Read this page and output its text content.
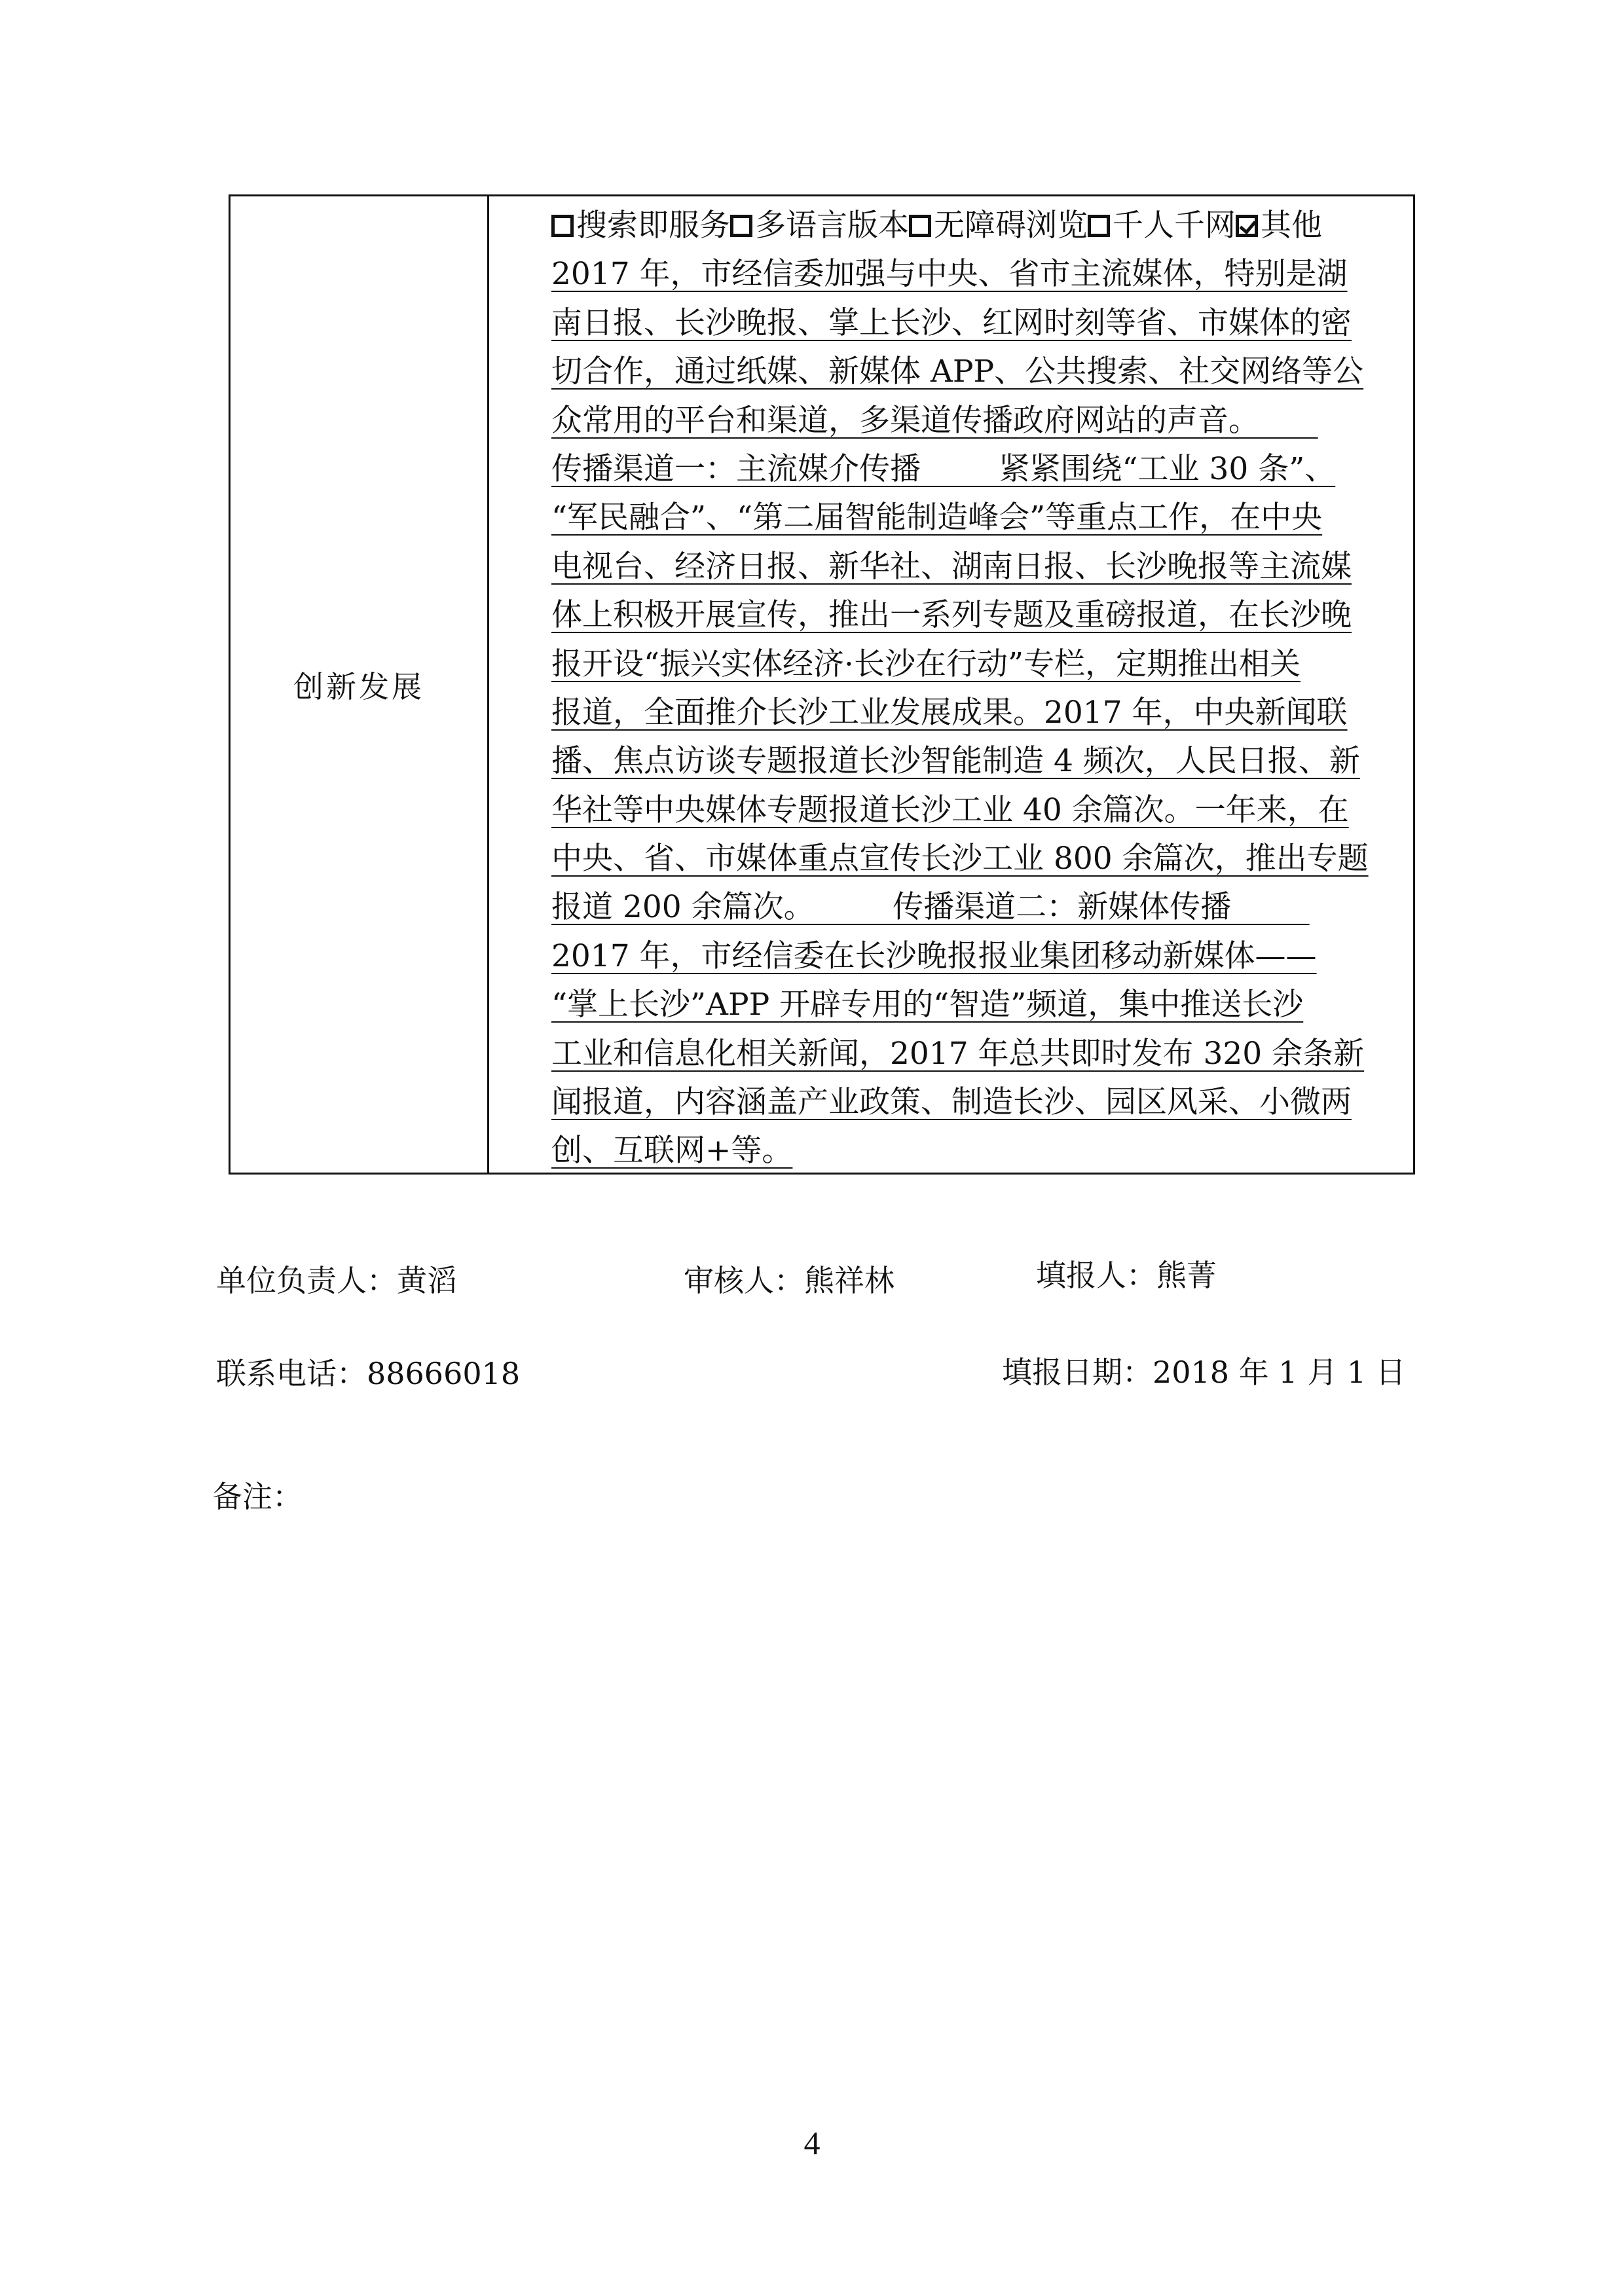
创新发展
搜索即服务 多语言版本 无障碍浏览 千人千网 其他
2017 年，市经信委加强与中央、省市主流媒体，特别是湖
南日报、长沙晚报、掌上长沙、红网时刻等省、市媒体的密
切合作，通过纸媒、新媒体 APP、公共搜索、社交网络等公
众常用的平台和渠道，多渠道传播政府网站的声音。
传播渠道一：主流媒介传播        紧紧围绕“工业 30 条”、
“军民融合”、“第二届智能制造峰会”等重点工作，在中央
电视台、经济日报、新华社、湖南日报、长沙晚报等主流媒
体上积极开展宣传，推出一系列专题及重磅报道，在长沙晚
报开设“振兴实体经济·长沙在行动”专栏，定期推出相关
报道，全面推介长沙工业发展成果。2017 年，中央新闻联
播、焦点访谈专题报道长沙智能制造 4 频次，人民日报、新
华社等中央媒体专题报道长沙工业 40 余篇次。一年来，在
中央、省、市媒体重点宣传长沙工业 800 余篇次，推出专题
报道 200 余篇次。        传播渠道二：新媒体传播
2017 年，市经信委在长沙晚报报业集团移动新媒体——
“掌上长沙”APP 开辟专用的“智造”频道，集中推送长沙
工业和信息化相关新闻，2017 年总共即时发布 320 余条新
闻报道，内容涵盖产业政策、制造长沙、园区风采、小微两
创、互联网+等。
单位负责人：黄滔	审核人：熊祥林	填报人：熊菁
联系电话：88666018	填报日期：2018 年 1 月 1 日
备注：
4
